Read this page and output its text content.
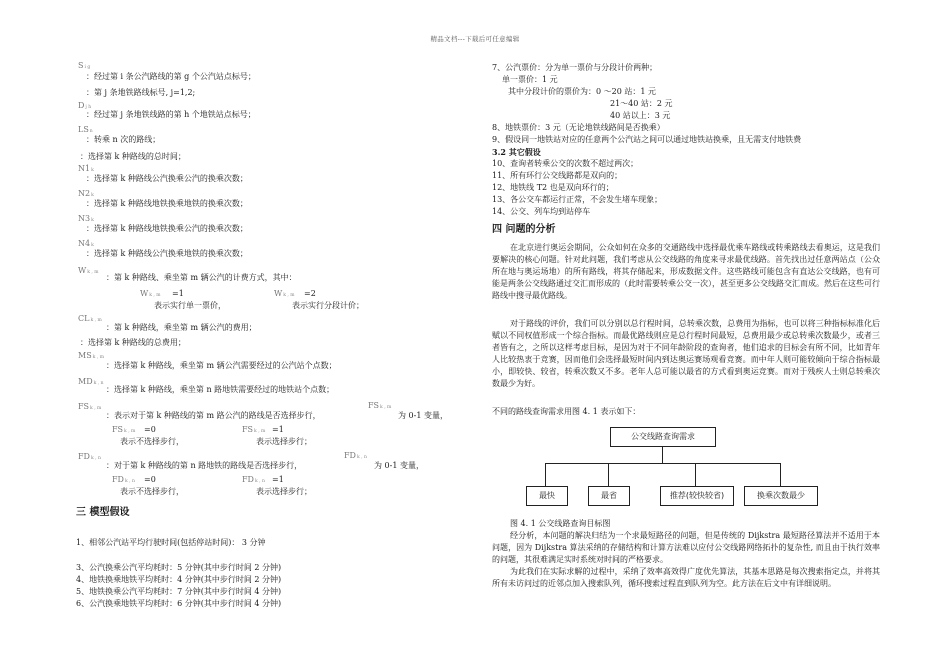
精品文档---下载后可任意编辑
Si g
：经过第 i 条公汽路线的第 g 个公汽站点标号；
：第 j 条地铁路线标号, j=1,2;
Dj h
：经过第 j 条地铁线路的第 h 个地铁站点标号；
LSn
：转乘 n 次的路线；
N1k
：选择第 k 种路线的总时间；
：选择第 k 种路线公汽换乘公汽的换乘次数；
N2k
：选择第 k 种路线地铁换乘地铁的换乘次数；
N3k
：选择第 k 种路线地铁换乘公汽的换乘次数；
N4k
：选择第 k 种路线公汽换乘地铁的换乘次数；
Wk , m
：第 k 种路线、乘坐第 m 辆公汽的计费方式，其中：
Wk , m =1
表示实行单一票价，
Wk , m =2
表示实行分段计价；
CLk , m
：第 k 种路线，乘坐第 m 辆公汽的费用；
：选择第 k 种路线的总费用；
MSk , m
：选择第 k 种路线，乘坐第 m 辆公汽需要经过的公汽站个点数；
MDk , n
：选择第 k 种路线，乘坐第 n 路地铁需要经过的地铁站个点数；
FSk , m
：表示对于第 k 种路线的第 m 路公汽的路线是否选择步行，
FSk , m
为 0-1 变量，
FSk , m =0
表示不选择步行，
FSk , m =1
表示选择步行；
FDk , n
：对于第 k 种路线的第 n 路地铁的路线是否选择步行，
FDk , n
为 0-1 变量，
FDk , n =0
表示不选择步行，
FDk , n =1
表示选择步行；
三 模型假设
1、相邻公汽站平均行驶时间(包括停站时间)： 3 分钟
3、公汽换乘公汽平均耗时：5 分钟(其中步行时间 2 分钟)
4、地铁换乘地铁平均耗时：4 分钟(其中步行时间 2 分钟)
5、地铁换乘公汽平均耗时：7 分钟(其中步行时间 4 分钟)
6、公汽换乘地铁平均耗时：6 分钟(其中步行时间 4 分钟)
7、公汽票价：分为单一票价与分段计价两种；
单一票价：1 元
其中分段计价的票价为：0 ～20 站：1 元
21～40 站：2 元
40 站以上：3 元
8、地铁票价：3 元（无论地铁线路间是否换乘）
9、假设同一地铁站对应的任意两个公汽站之间可以通过地铁站换乘，且无需支付地铁费
3.2 其它假设
10、查询者转乘公交的次数不超过两次；
11、所有环行公交线路都是双向的；
12、地铁线 T2 也是双向环行的；
13、各公交车都运行正常，不会发生堵车现象；
14、公交、列车均到站停车
四 问题的分析
在北京进行奥运会期间，公众如何在众多的交通路线中选择最优乘车路线或转乘路线去看奥运，这是我们要解决的核心问题。针对此问题，我们考虑从公交线路的角度来寻求最优线路。首先找出过任意两站点（公众所在地与奥运场地）的所有路线，将其存储起来，形成数据文件。这些路线可能包含有直达公交线路，也有可能是两条公交线路通过交汇而形成的（此时需要转乘公交一次），甚至更多公交线路交汇而成。然后在这些可行路线中搜寻最优路线。
对于路线的评价，我们可以分别以总行程时间，总转乘次数，总费用为指标，也可以将三种指标标准化后赋以不同权值形成一个综合指标。而最优路线则应是总行程时间最短，总费用最少或总转乘次数最少，或者三者皆有之，之所以这样考虑目标，是因为对于不同年龄阶段的查询者，他们追求的目标会有所不同，比如青年人比较热衷于竞赛，因而他们会选择最短时间内到达奥运赛场观看竞赛。而中年人则可能较倾向于综合指标最小，即较快、较省，转乘次数又不多。老年人总可能以最省的方式看到奥运竞赛。而对于残疾人士则总转乘次数最少为好。
不同的路线查询需求用图 4. 1 表示如下：
公交线路查询需求
最快	最省	推荐(较快较省)	换乘次数最少
图 4. 1 公交线路查询目标图
经分析，本问题的解决归结为一个求最短路径的问题，但是传统的 Dijkstra 最短路径算法并不适用于本问题，因为 Dijkstra 算法采纳的存储结构和计算方法难以应付公交线路网络拓扑的复杂性, 而且由于执行效率的问题，其很难满足实时系统对时间的严格要求。
为此我们在实际求解的过程中，采纳了效率高效得广度优先算法，其基本思路是每次搜索指定点，并将其所有未访问过的近邻点加入搜索队列，循环搜索过程直到队列为空。此方法在后文中有详细说明。
